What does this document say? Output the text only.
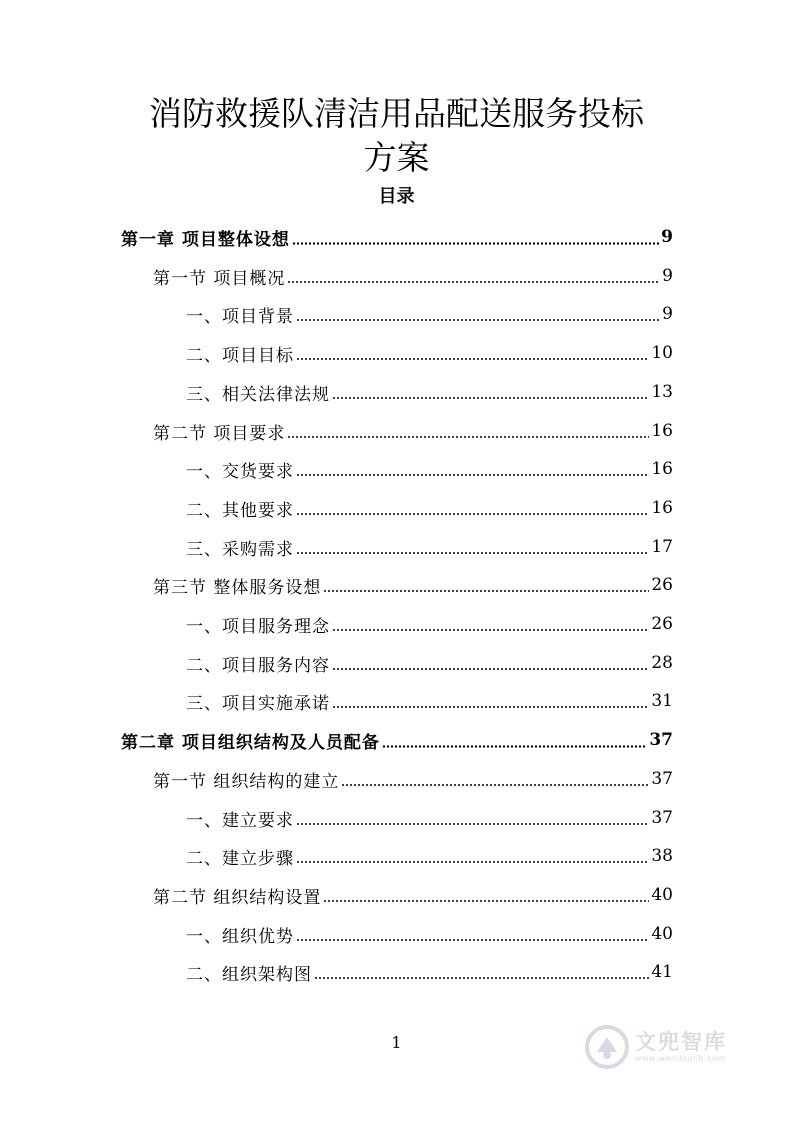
消防救援队清洁用品配送服务投标
方案
目录
第一章 项目整体设想	9
第一节 项目概况	9
一、项目背景	9
二、项目目标	10
三、相关法律法规	13
第二节 项目要求	16
一、交货要求	16
二、其他要求	16
三、采购需求	17
第三节 整体服务设想	26
一、项目服务理念	26
二、项目服务内容	28
三、项目实施承诺	31
第二章 项目组织结构及人员配备	37
第一节 组织结构的建立	37
一、建立要求	37
二、建立步骤	38
第二节 组织结构设置	40
一、组织优势	40
二、组织架构图	41
1	文兜智库
www.wendoulib.com
